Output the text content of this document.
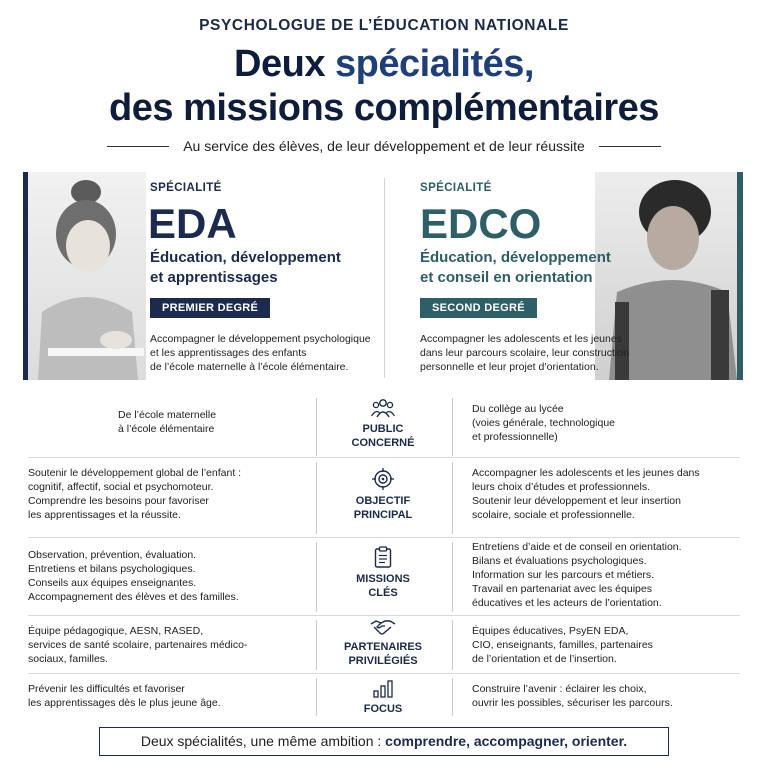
PSYCHOLOGUE DE L’ÉDUCATION NATIONALE
Deux spécialités,
des missions complémentaires
Au service des élèves, de leur développement et de leur réussite
SPÉCIALITÉ
EDA
Éducation, développement
et apprentissages
PREMIER DEGRÉ
Accompagner le développement psychologique
et les apprentissages des enfants
de l’école maternelle à l’école élémentaire.
SPÉCIALITÉ
EDCO
Éducation, développement
et conseil en orientation
SECOND DEGRÉ
Accompagner les adolescents et les jeunes
dans leur parcours scolaire, leur construction
personnelle et leur projet d’orientation.
De l’école maternelle
à l’école élémentaire	PUBLIC
CONCERNÉ
Du collège au lycée
(voies générale, technologique
et professionnelle)
Soutenir le développement global de l’enfant :
cognitif, affectif, social et psychomoteur.
Comprendre les besoins pour favoriser
les apprentissages et la réussite.
OBJECTIF
PRINCIPAL
Accompagner les adolescents et les jeunes dans
leurs choix d’études et professionnels.
Soutenir leur développement et leur insertion
scolaire, sociale et professionnelle.
Observation, prévention, évaluation.
Entretiens et bilans psychologiques.
Conseils aux équipes enseignantes.
Accompagnement des élèves et des familles.
MISSIONS
CLÉS
Entretiens d’aide et de conseil en orientation.
Bilans et évaluations psychologiques.
Information sur les parcours et métiers.
Travail en partenariat avec les équipes
éducatives et les acteurs de l’orientation.
Équipe pédagogique, AESN, RASED,
services de santé scolaire, partenaires médico-
sociaux, familles.
PARTENAIRES
PRIVILÉGIÉS
Équipes éducatives, PsyEN EDA,
CIO, enseignants, familles, partenaires
de l’orientation et de l’insertion.
Prévenir les difficultés et favoriser
les apprentissages dès le plus jeune âge.	FOCUS
Construire l’avenir : éclairer les choix,
ouvrir les possibles, sécuriser les parcours.
Deux spécialités, une même ambition : comprendre, accompagner, orienter.
